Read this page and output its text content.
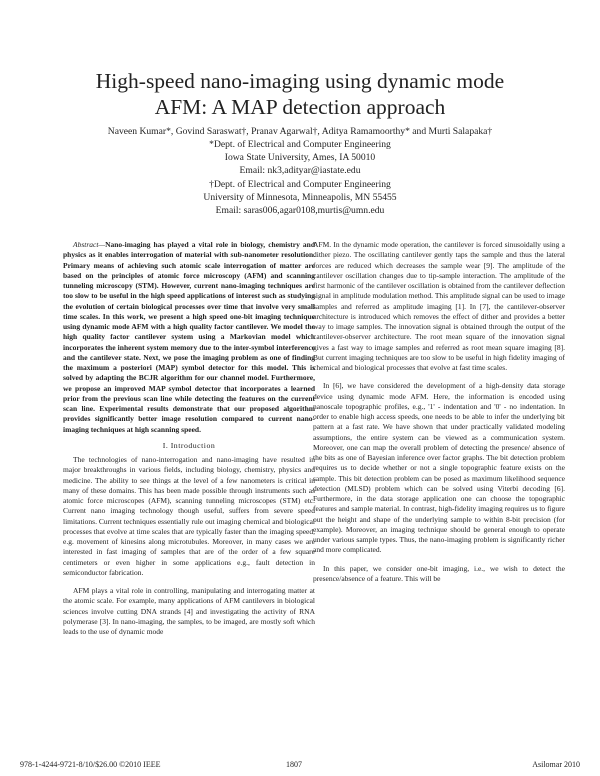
High-speed nano-imaging using dynamic mode
AFM: A MAP detection approach
Naveen Kumar*, Govind Saraswat†, Pranav Agarwal†, Aditya Ramamoorthy* and Murti Salapaka†
*Dept. of Electrical and Computer Engineering
Iowa State University, Ames, IA 50010
Email: nk3,adityar@iastate.edu
†Dept. of Electrical and Computer Engineering
University of Minnesota, Minneapolis, MN 55455
Email: saras006,agar0108,murtis@umn.edu

Abstract—Nano-imaging has played a vital role in biology, chemistry and physics as it enables interrogation of material with sub-nanometer resolution. Primary means of achieving such atomic scale interrogation of matter are based on the principles of atomic force microscopy (AFM) and scanning tunneling microscopy (STM). However, current nano-imaging techniques are too slow to be useful in the high speed applications of interest such as studying the evolution of certain biological processes over time that involve very small time scales. In this work, we present a high speed one-bit imaging technique using dynamic mode AFM with a high quality factor cantilever. We model the high quality factor cantilever system using a Markovian model which incorporates the inherent system memory due to the inter-symbol interference and the cantilever state. Next, we pose the imaging problem as one of finding the maximum a posteriori (MAP) symbol detector for this model. This is solved by adapting the BCJR algorithm for our channel model. Furthermore, we propose an improved MAP symbol detector that incorporates a learned prior from the previous scan line while detecting the features on the current scan line. Experimental results demonstrate that our proposed algorithm provides significantly better image resolution compared to current nano-imaging techniques at high scanning speed.

I. Introduction

The technologies of nano-interrogation and nano-imaging have resulted in major breakthroughs in various fields, including biology, chemistry, physics and medicine. The ability to see things at the level of a few nanometers is critical in many of these domains. This has been made possible through instruments such as atomic force microscopes (AFM), scanning tunneling microscopes (STM) etc. Current nano imaging technology though useful, suffers from severe speed limitations. Current techniques essentially rule out imaging chemical and biological processes that evolve at time scales that are typically faster than the imaging speed, e.g. movement of kinesins along microtubules. Moreover, in many cases we are interested in fast imaging of samples that are of the order of a few square centimeters or even higher in some applications e.g., fault detection in semiconductor fabrication.

AFM plays a vital role in controlling, manipulating and interrogating matter at the atomic scale. For example, many applications of AFM cantilevers in biological sciences involve cutting DNA strands [4] and investigating the activity of RNA polymerase [3]. In nano-imaging, the samples, to be imaged, are mostly soft which leads to the use of dynamic mode

AFM. In the dynamic mode operation, the cantilever is forced sinusoidally using a dither piezo. The oscillating cantilever gently taps the sample and thus the lateral forces are reduced which decreases the sample wear [9]. The amplitude of the cantilever oscillation changes due to tip-sample interaction. The amplitude of the first harmonic of the cantilever oscillation is obtained from the cantilever deflection signal in amplitude modulation method. This amplitude signal can be used to image samples and referred as amplitude imaging [1]. In [7], the cantilever-observer architecture is introduced which removes the effect of dither and provides a better way to image samples. The innovation signal is obtained through the output of the cantilever-observer architecture. The root mean square of the innovation signal gives a fast way to image samples and referred as root mean square imaging [8]. But current imaging techniques are too slow to be useful in high fidelity imaging of chemical and biological processes that evolve at fast time scales.

In [6], we have considered the development of a high-density data storage device using dynamic mode AFM. Here, the information is encoded using nanoscale topographic profiles, e.g., '1' - indentation and '0' - no indentation. In order to enable high access speeds, one needs to be able to infer the underlying bit pattern at a fast rate. We have shown that under practically validated modeling assumptions, the entire system can be viewed as a communication system. Moreover, one can map the overall problem of detecting the presence/ absence of the bits as one of Bayesian inference over factor graphs. The bit detection problem requires us to decide whether or not a single topographic feature exists on the sample. This bit detection problem can be posed as maximum likelihood sequence detection (MLSD) problem which can be solved using Viterbi decoding [6]. Furthermore, in the data storage application one can choose the topographic features and sample material. In contrast, high-fidelity imaging requires us to figure out the height and shape of the underlying sample to within 8-bit precision (for example). Moreover, an imaging technique should be general enough to operate under various sample types. Thus, the nano-imaging problem is significantly richer and more complicated.

In this paper, we consider one-bit imaging, i.e., we wish to detect the presence/absence of a feature. This will be

978-1-4244-9721-8/10/$26.00 ©2010 IEEE	1807	Asilomar 2010
